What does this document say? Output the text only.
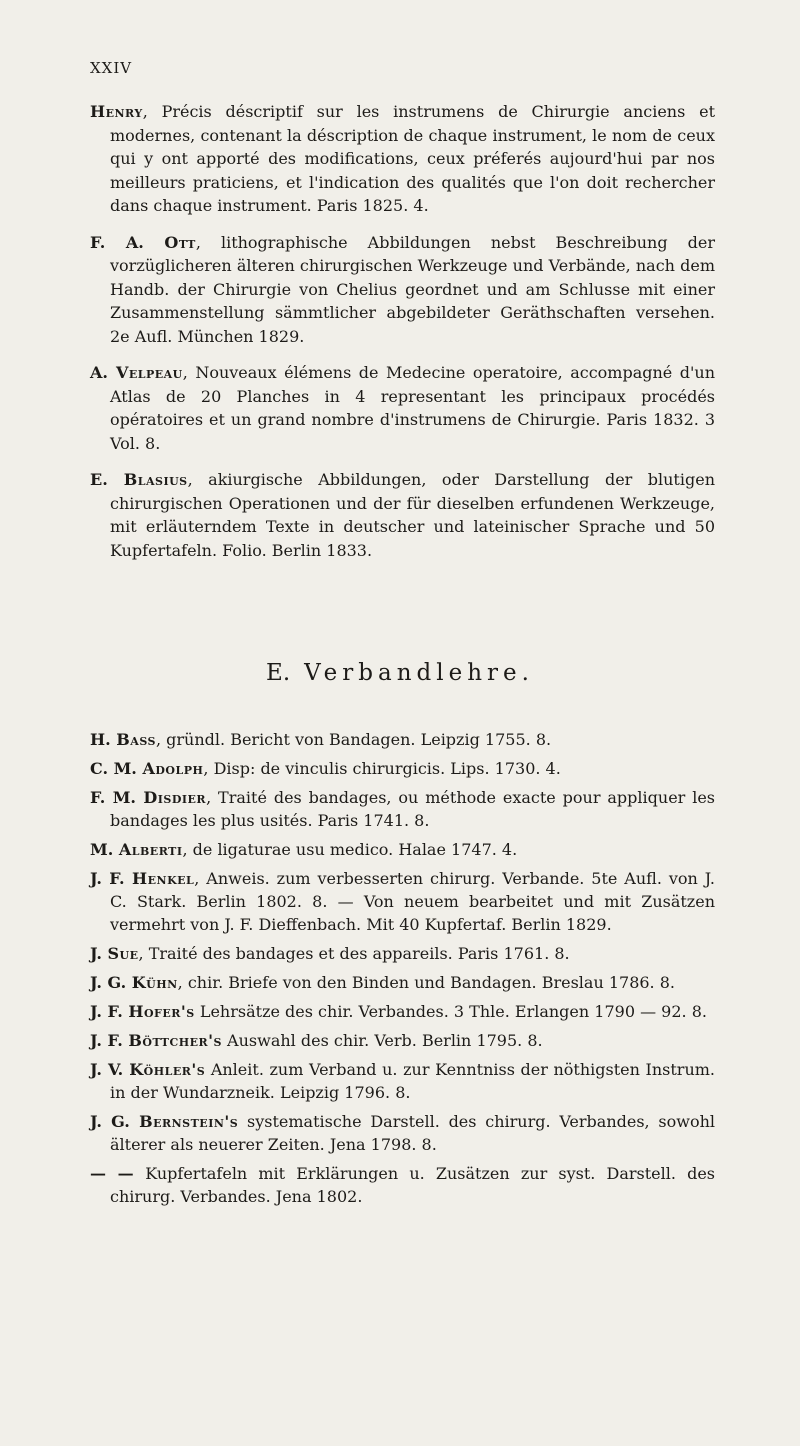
XXIV

Henry, Précis déscriptif sur les instrumens de Chirurgie anciens et modernes, contenant la déscription de chaque instrument, le nom de ceux qui y ont apporté des modifications, ceux préferés aujourd'hui par nos meilleurs praticiens, et l'indication des qualités que l'on doit rechercher dans chaque instrument. Paris 1825. 4.

F. A. Ott, lithographische Abbildungen nebst Beschreibung der vorzüglicheren älteren chirurgischen Werkzeuge und Verbände, nach dem Handb. der Chirurgie von Chelius geordnet und am Schlusse mit einer Zusammenstellung sämmtlicher abgebildeter Geräthschaften versehen. 2e Aufl. München 1829.

A. Velpeau, Nouveaux élémens de Medecine operatoire, accompagné d'un Atlas de 20 Planches in 4 representant les principaux procédés opératoires et un grand nombre d'instrumens de Chirurgie. Paris 1832. 3 Vol. 8.

E. Blasius, akiurgische Abbildungen, oder Darstellung der blutigen chirurgischen Operationen und der für dieselben erfundenen Werkzeuge, mit erläuterndem Texte in deutscher und lateinischer Sprache und 50 Kupfertafeln. Folio. Berlin 1833.

E. Verbandlehre.

H. Bass, gründl. Bericht von Bandagen. Leipzig 1755. 8.

C. M. Adolph, Disp: de vinculis chirurgicis. Lips. 1730. 4.

F. M. Disdier, Traité des bandages, ou méthode exacte pour appliquer les bandages les plus usités. Paris 1741. 8.

M. Alberti, de ligaturae usu medico. Halae 1747. 4.

J. F. Henkel, Anweis. zum verbesserten chirurg. Verbande. 5te Aufl. von J. C. Stark. Berlin 1802. 8. — Von neuem bearbeitet und mit Zusätzen vermehrt von J. F. Dieffenbach. Mit 40 Kupfertaf. Berlin 1829.

J. Sue, Traité des bandages et des appareils. Paris 1761. 8.

J. G. Kühn, chir. Briefe von den Binden und Bandagen. Breslau 1786. 8.

J. F. Hofer's Lehrsätze des chir. Verbandes. 3 Thle. Erlangen 1790 — 92. 8.

J. F. Böttcher's Auswahl des chir. Verb. Berlin 1795. 8.

J. V. Köhler's Anleit. zum Verband u. zur Kenntniss der nöthigsten Instrum. in der Wundarzneik. Leipzig 1796. 8.

J. G. Bernstein's systematische Darstell. des chirurg. Verbandes, sowohl älterer als neuerer Zeiten. Jena 1798. 8.

— — Kupfertafeln mit Erklärungen u. Zusätzen zur syst. Darstell. des chirurg. Verbandes. Jena 1802.
